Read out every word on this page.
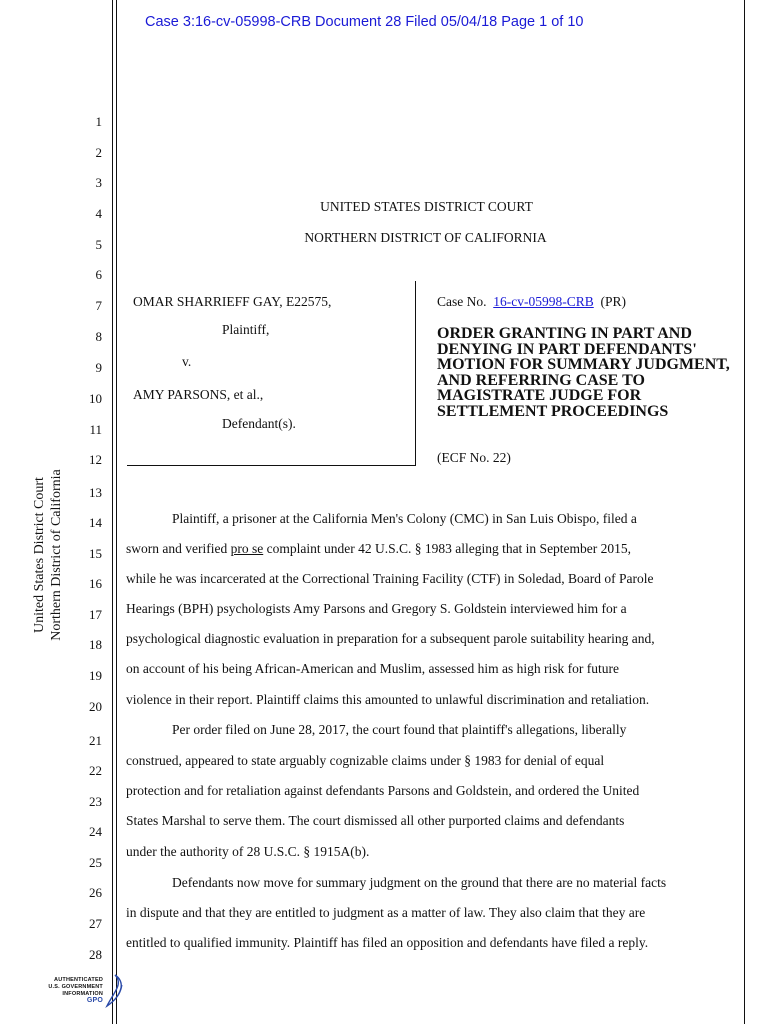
Case 3:16-cv-05998-CRB Document 28 Filed 05/04/18 Page 1 of 10
1
2
3
4
5
6
7
8
9
10
11
12
13
14
15
16
17
18
19
20
21
22
23
24
25
26
27
28
UNITED STATES DISTRICT COURT
NORTHERN DISTRICT OF CALIFORNIA
OMAR SHARRIEFF GAY, E22575,
Plaintiff,
v.
AMY PARSONS, et al.,
Defendant(s).
Case No. 16-cv-05998-CRB (PR)
ORDER GRANTING IN PART AND DENYING IN PART DEFENDANTS' MOTION FOR SUMMARY JUDGMENT, AND REFERRING CASE TO MAGISTRATE JUDGE FOR SETTLEMENT PROCEEDINGS
(ECF No. 22)
Plaintiff, a prisoner at the California Men's Colony (CMC) in San Luis Obispo, filed a
sworn and verified pro se complaint under 42 U.S.C. § 1983 alleging that in September 2015,
while he was incarcerated at the Correctional Training Facility (CTF) in Soledad, Board of Parole
Hearings (BPH) psychologists Amy Parsons and Gregory S. Goldstein interviewed him for a
psychological diagnostic evaluation in preparation for a subsequent parole suitability hearing and,
on account of his being African-American and Muslim, assessed him as high risk for future
violence in their report. Plaintiff claims this amounted to unlawful discrimination and retaliation.
Per order filed on June 28, 2017, the court found that plaintiff's allegations, liberally
construed, appeared to state arguably cognizable claims under § 1983 for denial of equal
protection and for retaliation against defendants Parsons and Goldstein, and ordered the United
States Marshal to serve them. The court dismissed all other purported claims and defendants
under the authority of 28 U.S.C. § 1915A(b).
Defendants now move for summary judgment on the ground that there are no material facts
in dispute and that they are entitled to judgment as a matter of law. They also claim that they are
entitled to qualified immunity. Plaintiff has filed an opposition and defendants have filed a reply.
United States District Court Northern District of California
AUTHENTICATED
U.S. GOVERNMENT
INFORMATION
GPO
